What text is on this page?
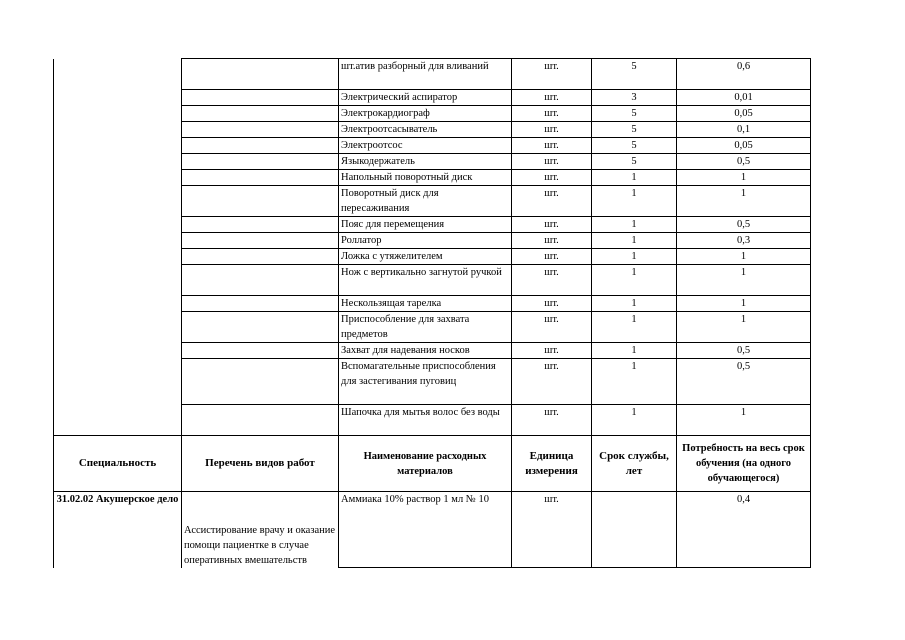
		шт.атив разборный для вливаний	шт.	5	0,6
		Электрический аспиратор	шт.	3	0,01
		Электрокардиограф	шт.	5	0,05
		Электроотсасыватель	шт.	5	0,1
		Электроотсос	шт.	5	0,05
		Языкодержатель	шт.	5	0,5
		Напольный поворотный диск	шт.	1	1
		Поворотный диск для пересаживания	шт.	1	1
		Пояс для перемещения	шт.	1	0,5
		Роллатор	шт.	1	0,3
		Ложка с утяжелителем	шт.	1	1
		Нож с вертикально загнутой ручкой	шт.	1	1
		Нескользящая тарелка	шт.	1	1
		Приспособление для захвата предметов	шт.	1	1
		Захват для надевания носков	шт.	1	0,5
		Вспомагательные приспособления для застегивания пуговиц	шт.	1	0,5
		Шапочка для мытья волос без воды	шт.	1	1
Специальность	Перечень видов работ	Наименование расходных материалов	Единица измерения	Срок службы, лет	Потребность на весь срок обучения (на одного обучающегося)
31.02.02 Акушерское дело	Ассистирование врачу и оказание помощи пациентке в случае оперативных вмешательств	Аммиака 10% раствор 1 мл № 10	шт.		0,4
